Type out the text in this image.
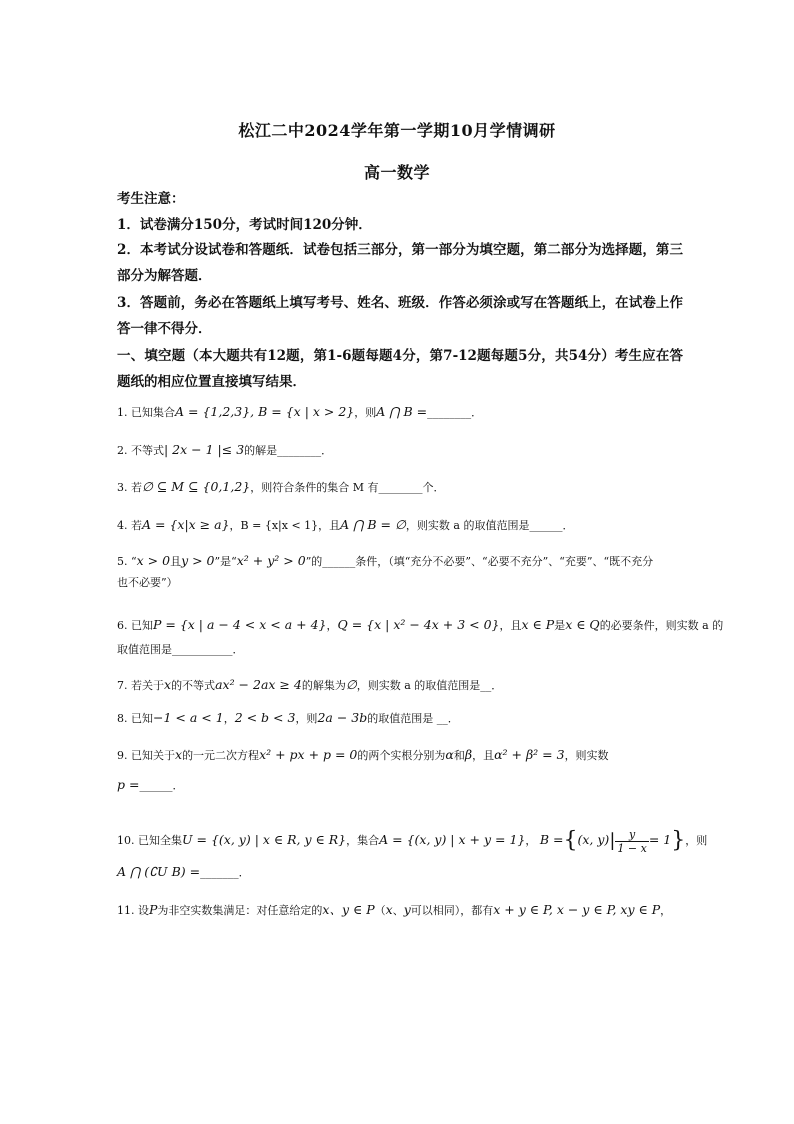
松江二中2024学年第一学期10月学情调研
高一数学
考生注意：
1．试卷满分150分，考试时间120分钟．
2．本考试分设试卷和答题纸．试卷包括三部分，第一部分为填空题，第二部分为选择题，第三部分为解答题．
3．答题前，务必在答题纸上填写考号、姓名、班级．作答必须涂或写在答题纸上，在试卷上作答一律不得分．
一、填空题（本大题共有12题，第1-6题每题4分，第7-12题每题5分，共54分）考生应在答题纸的相应位置直接填写结果．
1. 已知集合A = {1,2,3}, B = {x | x > 2}，则A ⋂ B =________．
2. 不等式| 2x − 1 |≤ 3的解是________．
3. 若∅ ⊆ M ⊆ {0,1,2}，则符合条件的集合 M 有________个．
4. 若A = {x|x ≥ a}，B = {x|x < 1}，且A ⋂ B = ∅，则实数 a 的取值范围是______．
5. “x > 0且y > 0”是“x² + y² > 0”的______条件，（填“充分不必要”、“必要不充分”、“充要”、“既不充分
也不必要”）
6. 已知P = {x | a − 4 < x < a + 4}，Q = {x | x² − 4x + 3 < 0}，且x ∈ P是x ∈ Q的必要条件，则实数 a 的
取值范围是___________．
7. 若关于x的不等式ax² − 2ax ≥ 4的解集为∅，则实数 a 的取值范围是__．
8. 已知−1 < a < 1，2 < b < 3，则2a − 3b的取值范围是 __．
9. 已知关于x的一元二次方程x² + px + p = 0的两个实根分别为α和β，且α² + β² = 3，则实数
p =______．
10. 已知全集U = {(x, y) | x ∈ R, y ∈ R}，集合A = {(x, y) | x + y = 1}， B ={(x, $y)| \frac{y}{1 - x} = 1$}，则
A ⋂ (∁U B) =_______．
11. 设P为非空实数集满足：对任意给定的x、y ∈ P（x、y可以相同），都有x + y ∈ P, x − y ∈ P, xy ∈ P，
